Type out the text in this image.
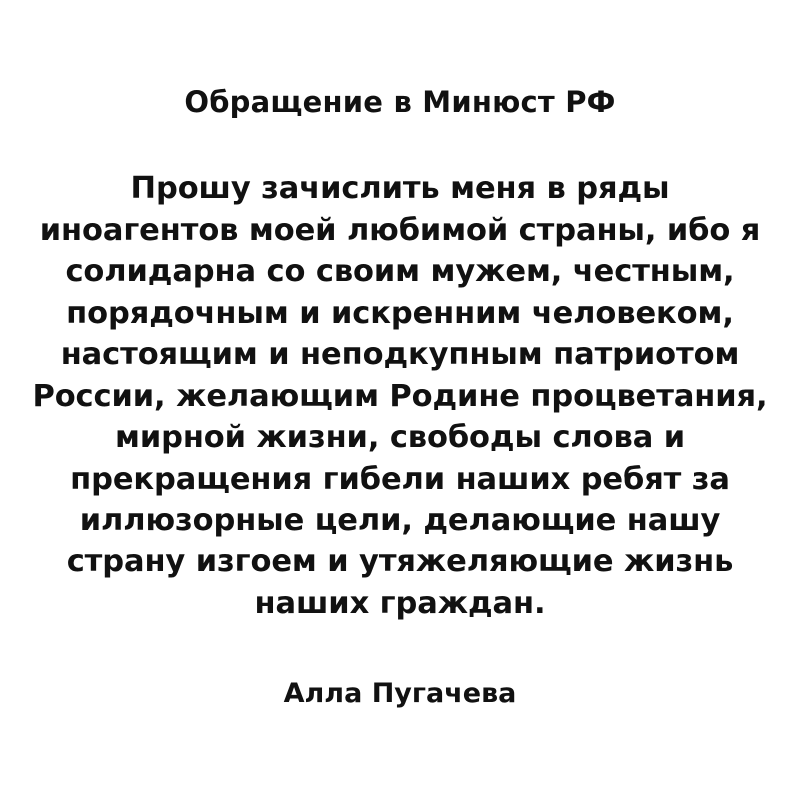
Обращение в Минюст РФ

Прошу зачислить меня в ряды иноагентов моей любимой страны, ибо я солидарна со своим мужем, честным, порядочным и искренним человеком, настоящим и неподкупным патриотом России, желающим Родине процветания, мирной жизни, свободы слова и прекращения гибели наших ребят за иллюзорные цели, делающие нашу страну изгоем и утяжеляющие жизнь наших граждан.

Алла Пугачева
